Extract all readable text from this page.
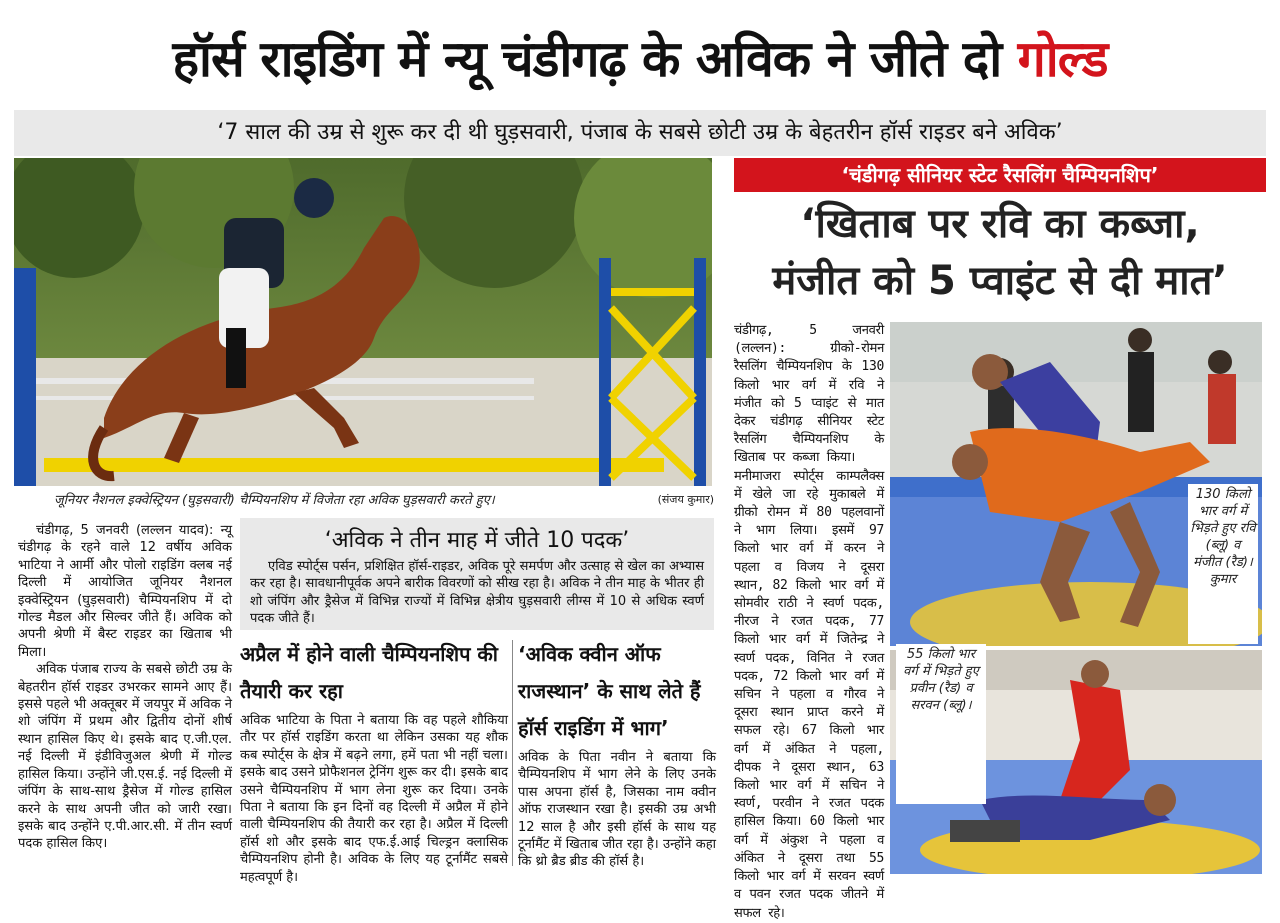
हॉर्स राइडिंग में न्यू चंडीगढ़ के अविक ने जीते दो गोल्ड
‘7 साल की उम्र से शुरू कर दी थी घुड़सवारी, पंजाब के सबसे छोटी उम्र के बेहतरीन हॉर्स राइडर बने अविक’
जूनियर नैशनल इक्वेस्ट्रियन (घुड़सवारी) चैम्पियनशिप में विजेता रहा अविक घुड़सवारी करते हुए।	(संजय कुमार)

चंडीगढ़, 5 जनवरी (लल्लन यादव): न्यू चंडीगढ़ के रहने वाले 12 वर्षीय अविक भाटिया ने आर्मी और पोलो राइडिंग क्लब नई दिल्ली में आयोजित जूनियर नैशनल इक्वेस्ट्रियन (घुड़सवारी) चैम्पियनशिप में दो गोल्ड मैडल और सिल्वर जीते हैं। अविक को अपनी श्रेणी में बैस्ट राइडर का खिताब भी मिला।

अविक पंजाब राज्य के सबसे छोटी उम्र के बेहतरीन हॉर्स राइडर उभरकर सामने आए हैं। इससे पहले भी अक्तूबर में जयपुर में अविक ने शो जंपिंग में प्रथम और द्वितीय दोनों शीर्ष स्थान हासिल किए थे। इसके बाद ए.जी.एल. नई दिल्ली में इंडीविजुअल श्रेणी में गोल्ड हासिल किया। उन्होंने जी.एस.ई. नई दिल्ली में जंपिंग के साथ-साथ ड्रैसेज में गोल्ड हासिल करने के साथ अपनी जीत को जारी रखा। इसके बाद उन्होंने ए.पी.आर.सी. में तीन स्वर्ण पदक हासिल किए।

‘अविक ने तीन माह में जीते 10 पदक’
एविड स्पोर्ट्स पर्सन, प्रशिक्षित हॉर्स-राइडर, अविक पूरे समर्पण और उत्साह से खेल का अभ्यास कर रहा है। सावधानीपूर्वक अपने बारीक विवरणों को सीख रहा है। अविक ने तीन माह के भीतर ही शो जंपिंग और ड्रैसेज में विभिन्न राज्यों में विभिन्न क्षेत्रीय घुड़सवारी लीग्स में 10 से अधिक स्वर्ण पदक जीते हैं।
अप्रैल में होने वाली चैम्पियनशिप की तैयारी कर रहा
अविक भाटिया के पिता ने बताया कि वह पहले शौकिया तौर पर हॉर्स राइडिंग करता था लेकिन उसका यह शौक कब स्पोर्ट्स के क्षेत्र में बढ़ने लगा, हमें पता भी नहीं चला। इसके बाद उसने प्रोफैशनल ट्रेनिंग शुरू कर दी। इसके बाद उसने चैम्पियनशिप में भाग लेना शुरू कर दिया। उनके पिता ने बताया कि इन दिनों वह दिल्ली में अप्रैल में होने वाली चैम्पियनशिप की तैयारी कर रहा है। अप्रैल में दिल्ली हॉर्स शो और इसके बाद एफ.ई.आई चिल्ड्रन क्लासिक चैम्पियनशिप होनी है। अविक के लिए यह टूर्नामैंट सबसे महत्वपूर्ण है।
‘अविक क्वीन ऑफ राजस्थान’ के साथ लेते हैं हॉर्स राइडिंग में भाग’
अविक के पिता नवीन ने बताया कि चैम्पियनशिप में भाग लेने के लिए उनके पास अपना हॉर्स है, जिसका नाम क्वीन ऑफ राजस्थान रखा है। इसकी उम्र अभी 12 साल है और इसी हॉर्स के साथ यह टूर्नामैंट में खिताब जीत रहा है। उन्होंने कहा कि थ्रो ब्रैड ब्रीड की हॉर्स है।
‘चंडीगढ़ सीनियर स्टेट रैसलिंग चैम्पियनशिप’
‘खिताब पर रवि का कब्जा,
मंजीत को 5 प्वाइंट से दी मात’

चंडीगढ़, 5 जनवरी (लल्लन): ग्रीको-रोमन रैसलिंग चैम्पियनशिप के 130 किलो भार वर्ग में रवि ने मंजीत को 5 प्वाइंट से मात देकर चंडीगढ़ सीनियर स्टेट रैसलिंग चैम्पियनशिप के खिताब पर कब्जा किया।

मनीमाजरा स्पोर्ट्स काम्पलैक्स में खेले जा रहे मुकाबले में ग्रीको रोमन में 80 पहलवानों ने भाग लिया। इसमें 97 किलो भार वर्ग में करन ने पहला व विजय ने दूसरा स्थान, 82 किलो भार वर्ग में सोमवीर राठी ने स्वर्ण पदक, नीरज ने रजत पदक, 77 किलो भार वर्ग में जितेन्द्र ने स्वर्ण पदक, विनित ने रजत पदक, 72 किलो भार वर्ग में सचिन ने पहला व गौरव ने दूसरा स्थान प्राप्त करने में सफल रहे। 67 किलो भार वर्ग में अंकित ने पहला, दीपक ने दूसरा स्थान, 63 किलो भार वर्ग में सचिन ने स्वर्ण, परवीन ने रजत पदक हासिल किया। 60 किलो भार वर्ग में अंकुश ने पहला व अंकित ने दूसरा तथा 55 किलो भार वर्ग में सरवन स्वर्ण व पवन रजत पदक जीतने में सफल रहे।

130 किलो भार वर्ग में भिड़ते हुए रवि (ब्लू) व मंजीत (रैड)।
कुमार
55 किलो भार वर्ग में भिड़ते हुए प्रवीन (रैड) व सरवन (ब्लू)।
